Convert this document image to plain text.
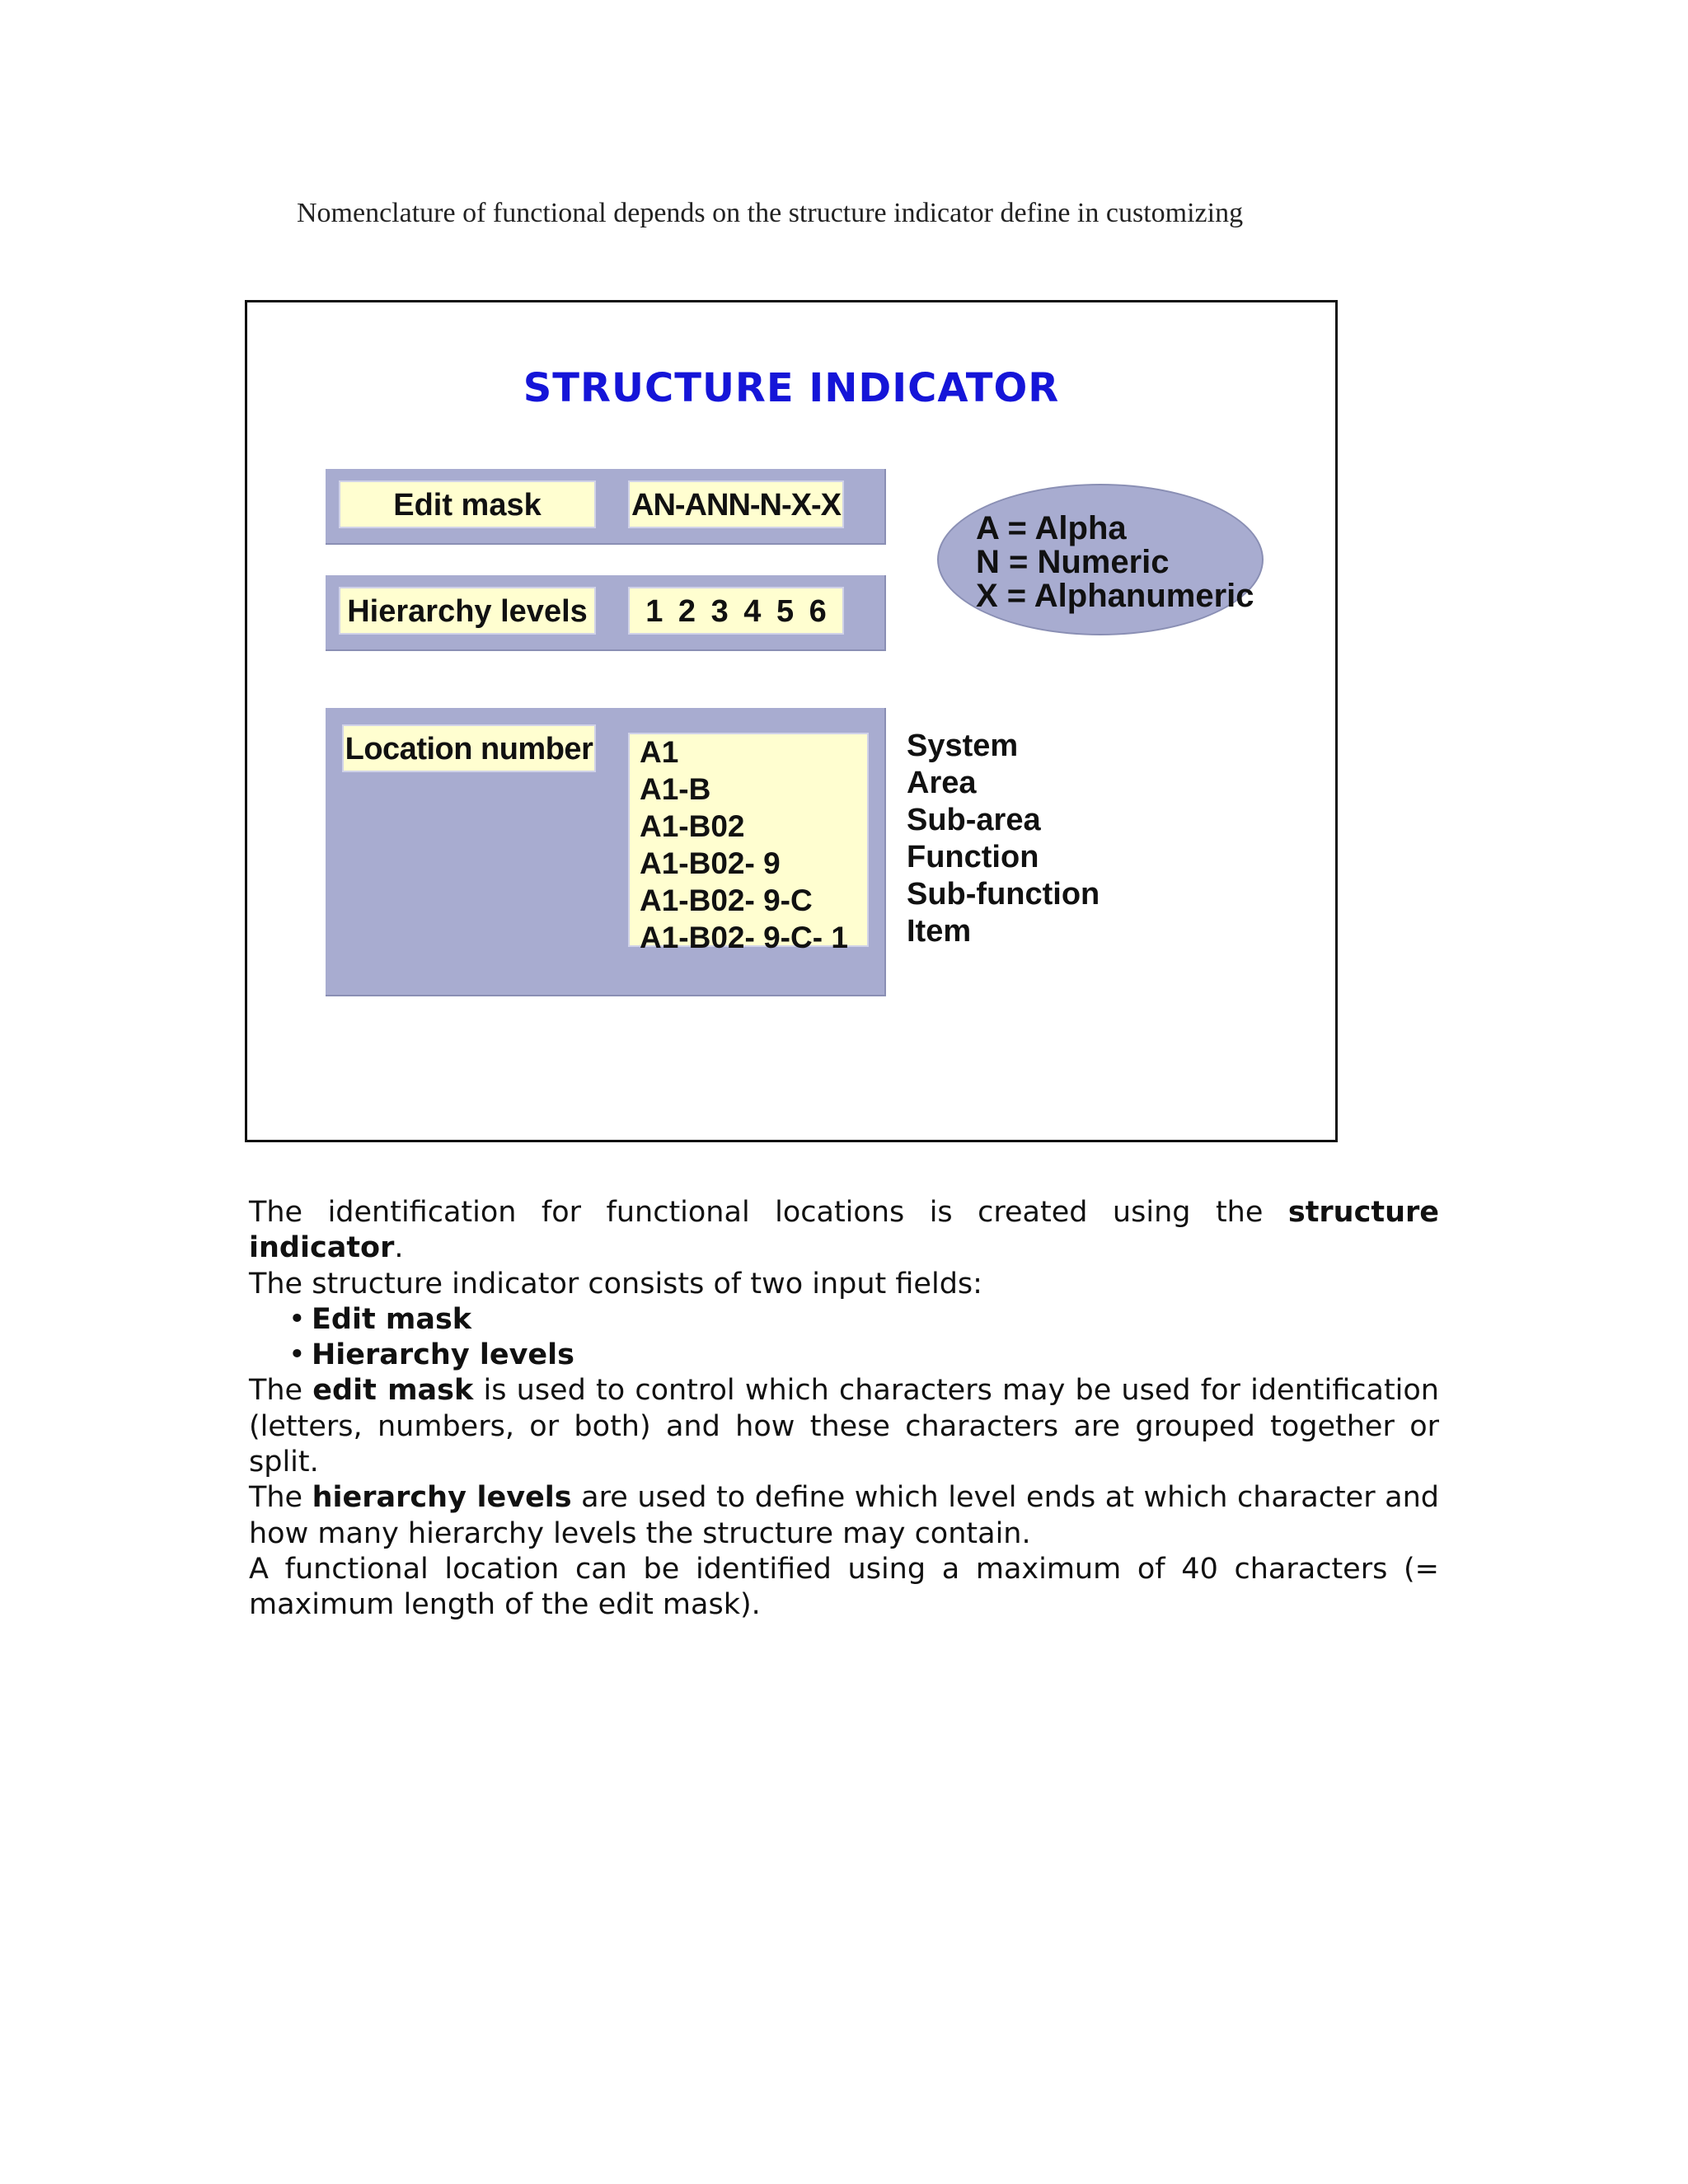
Nomenclature of functional depends on the structure indicator define in customizing
STRUCTURE INDICATOR
Edit mask	AN-ANN-N-X-X
Hierarchy levels	1 2 3 4 5 6
Location number A1
A1-B
A1-B02
A1-B02- 9
A1-B02- 9-C
A1-B02- 9-C- 1
System
Area
Sub-area
Function
Sub-function
Item
A = Alpha
N = Numeric
X = Alphanumeric

The identification for functional locations is created using the structure indicator.

The structure indicator consists of two input fields:

• Edit mask
• Hierarchy levels

The edit mask is used to control which characters may be used for identification (letters, numbers, or both) and how these characters are grouped together or split.

The hierarchy levels are used to define which level ends at which character and how many hierarchy levels the structure may contain.

A functional location can be identified using a maximum of 40 characters (= maximum length of the edit mask).
